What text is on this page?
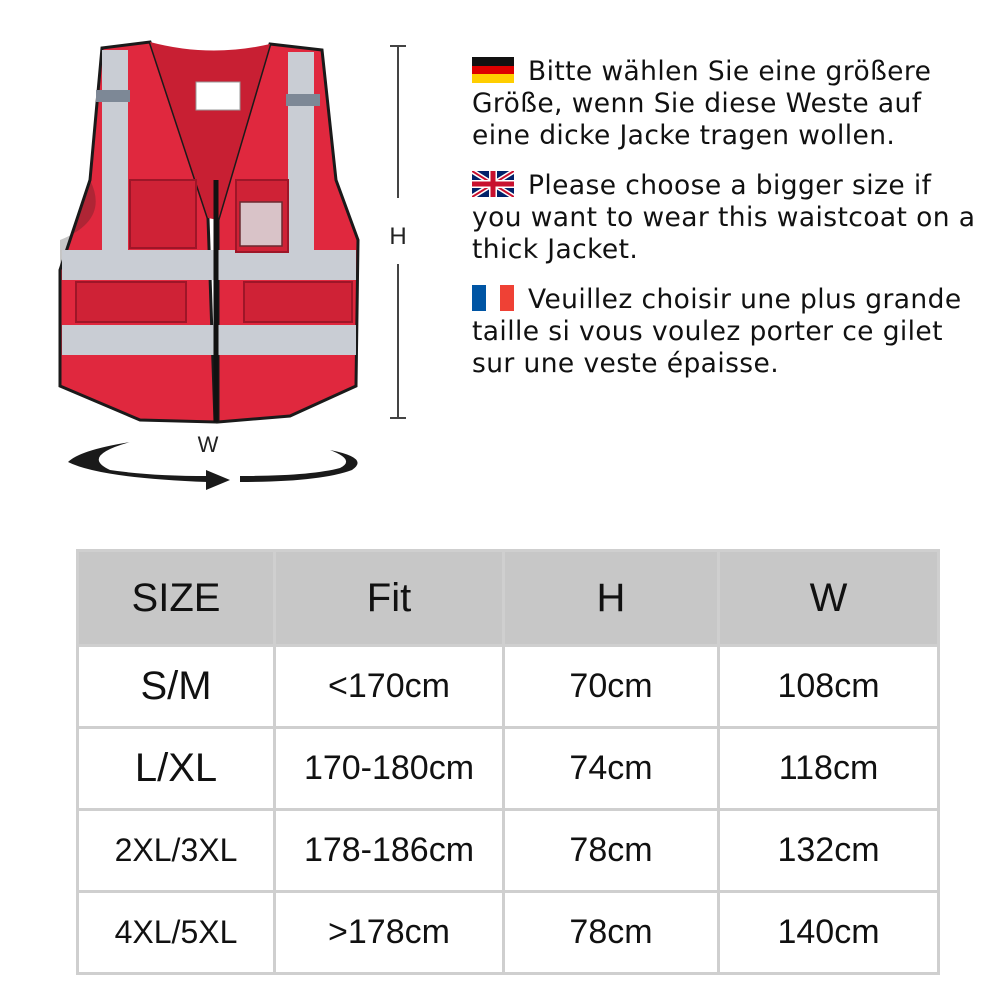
H
W
Bitte wählen Sie eine größere Größe, wenn Sie diese Weste auf eine dicke Jacke tragen wollen.
Please choose a bigger size if you want to wear this waistcoat on a thick Jacket.
Veuillez choisir une plus grande taille si vous voulez porter ce gilet sur une veste épaisse.
SIZE	Fit	H	W
S/M	<170cm	70cm	108cm
L/XL	170-180cm	74cm	118cm
2XL/3XL	178-186cm	78cm	132cm
4XL/5XL	>178cm	78cm	140cm
